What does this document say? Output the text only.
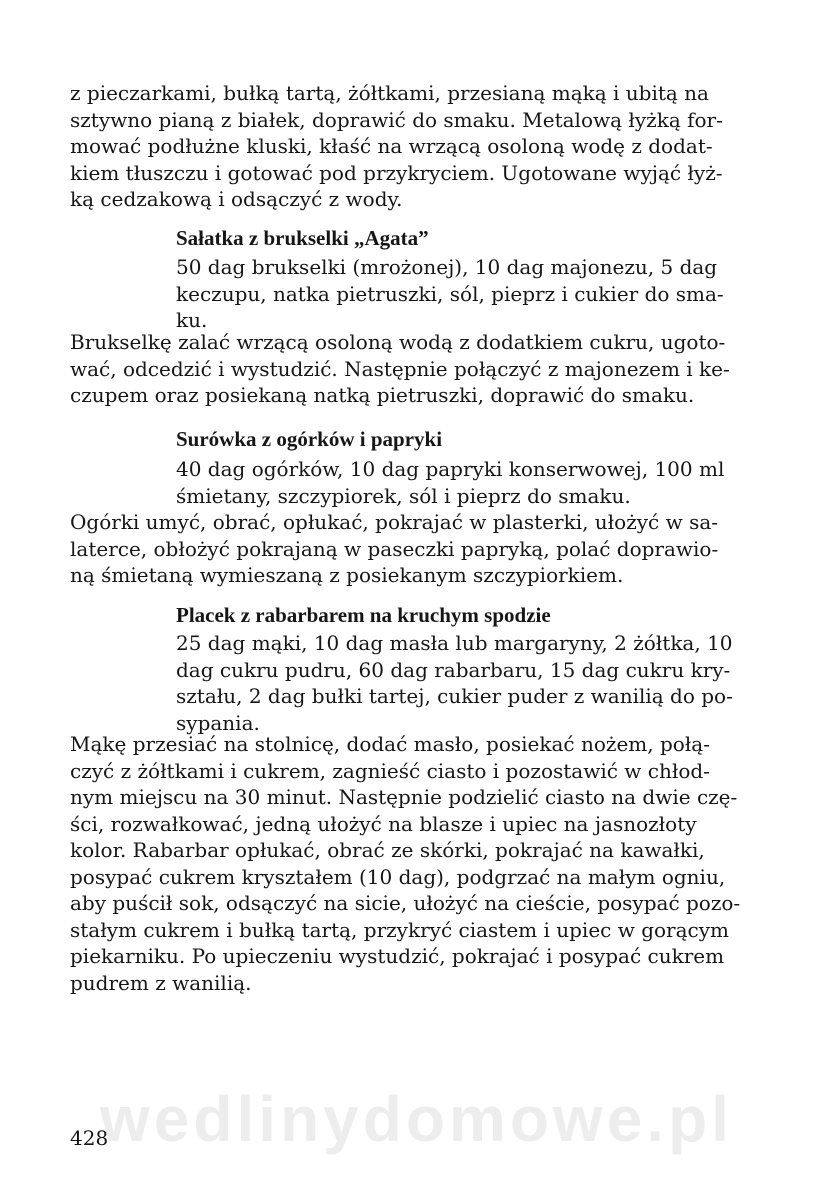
z pieczarkami, bułką tartą, żółtkami, przesianą mąką i ubitą na
sztywno pianą z białek, doprawić do smaku. Metalową łyżką for-
mować podłużne kluski, kłaść na wrzącą osoloną wodę z dodat-
kiem tłuszczu i gotować pod przykryciem. Ugotowane wyjąć łyż-
ką cedzakową i odsączyć z wody.
Sałatka z brukselki „Agata”
50 dag brukselki (mrożonej), 10 dag majonezu, 5 dag
keczupu, natka pietruszki, sól, pieprz i cukier do sma-
ku.
Brukselkę zalać wrzącą osoloną wodą z dodatkiem cukru, ugoto-
wać, odcedzić i wystudzić. Następnie połączyć z majonezem i ke-
czupem oraz posiekaną natką pietruszki, doprawić do smaku.
Surówka z ogórków i papryki
40 dag ogórków, 10 dag papryki konserwowej, 100 ml
śmietany, szczypiorek, sól i pieprz do smaku.
Ogórki umyć, obrać, opłukać, pokrajać w plasterki, ułożyć w sa-
laterce, obłożyć pokrajaną w paseczki papryką, polać doprawio-
ną śmietaną wymieszaną z posiekanym szczypiorkiem.
Placek z rabarbarem na kruchym spodzie
25 dag mąki, 10 dag masła lub margaryny, 2 żółtka, 10
dag cukru pudru, 60 dag rabarbaru, 15 dag cukru kry-
ształu, 2 dag bułki tartej, cukier puder z wanilią do po-
sypania.
Mąkę przesiać na stolnicę, dodać masło, posiekać nożem, połą-
czyć z żółtkami i cukrem, zagnieść ciasto i pozostawić w chłod-
nym miejscu na 30 minut. Następnie podzielić ciasto na dwie czę-
ści, rozwałkować, jedną ułożyć na blasze i upiec na jasnozłoty
kolor. Rabarbar opłukać, obrać ze skórki, pokrajać na kawałki,
posypać cukrem kryształem (10 dag), podgrzać na małym ogniu,
aby puścił sok, odsączyć na sicie, ułożyć na cieście, posypać pozo-
stałym cukrem i bułką tartą, przykryć ciastem i upiec w gorącym
piekarniku. Po upieczeniu wystudzić, pokrajać i posypać cukrem
pudrem z wanilią.
wedlinydomowe.pl
428
